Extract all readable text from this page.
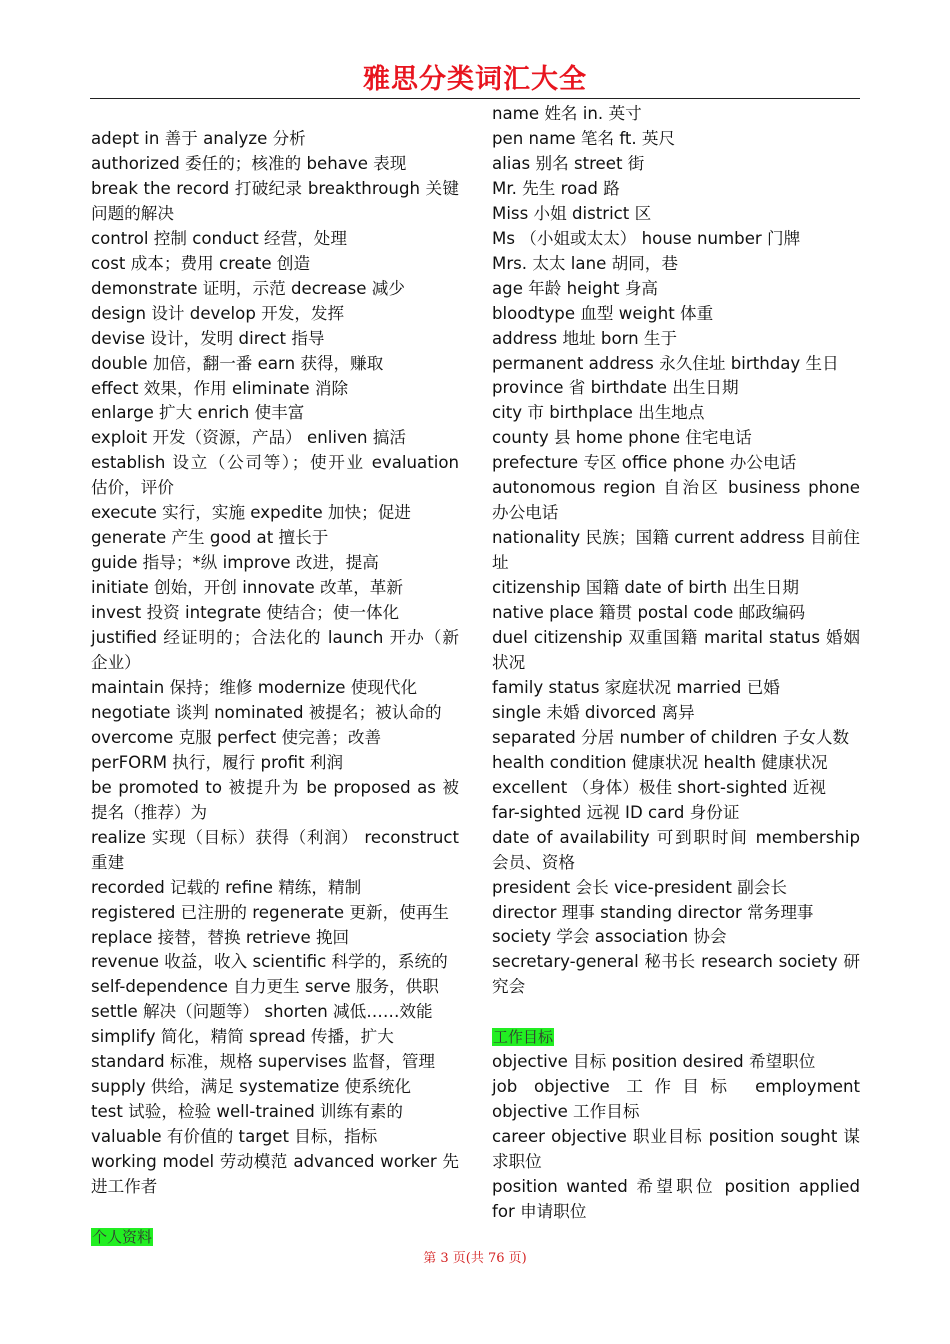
雅思分类词汇大全

adept in 善于 analyze 分析

authorized 委任的；核准的 behave 表现

break the record 打破纪录 breakthrough 关键问题的解决

control 控制 conduct 经营，处理

cost 成本；费用 create 创造

demonstrate 证明，示范 decrease 减少

design 设计 develop 开发，发挥

devise 设计，发明 direct 指导

double 加倍，翻一番 earn 获得，赚取

effect 效果，作用 eliminate 消除

enlarge 扩大 enrich 使丰富

exploit 开发（资源，产品） enliven 搞活

establish 设立（公司等）；使开业 evaluation 估价，评价

execute 实行，实施 expedite 加快；促进

generate 产生 good at 擅长于

guide 指导；*纵 improve 改进，提高

initiate 创始，开创 innovate 改革，革新

invest 投资 integrate 使结合；使一体化

justified 经证明的；合法化的 launch 开办（新企业）

maintain 保持；维修 modernize 使现代化

negotiate 谈判 nominated 被提名；被认命的

overcome 克服 perfect 使完善；改善

perFORM 执行，履行 profit 利润

be promoted to 被提升为 be proposed as 被提名（推荐）为

realize 实现（目标）获得（利润） reconstruct 重建

recorded 记载的 refine 精练，精制

registered 已注册的 regenerate 更新，使再生

replace 接替，替换 retrieve 挽回

revenue 收益，收入 scientific 科学的，系统的

self-dependence 自力更生 serve 服务，供职

settle 解决（问题等） shorten 减低……效能

simplify 简化，精简 spread 传播，扩大

standard 标准，规格 supervises 监督，管理

supply 供给，满足 systematize 使系统化

test 试验，检验 well-trained 训练有素的

valuable 有价值的 target 目标，指标

working model 劳动模范 advanced worker 先进工作者

个人资料

name 姓名 in. 英寸

pen name 笔名 ft. 英尺

alias 别名 street 街

Mr. 先生 road 路

Miss 小姐 district 区

Ms （小姐或太太） house number 门牌

Mrs. 太太 lane 胡同，巷

age 年龄 height 身高

bloodtype 血型 weight 体重

address 地址 born 生于

permanent address 永久住址 birthday 生日

province 省 birthdate 出生日期

city 市 birthplace 出生地点

county 县 home phone 住宅电话

prefecture 专区 office phone 办公电话

autonomous region 自治区 business phone 办公电话

nationality 民族；国籍 current address 目前住址

citizenship 国籍 date of birth 出生日期

native place 籍贯 postal code 邮政编码

duel citizenship 双重国籍 marital status 婚姻状况

family status 家庭状况 married 已婚

single 未婚 divorced 离异

separated 分居 number of children 子女人数

health condition 健康状况 health 健康状况

excellent （身体）极佳 short-sighted 近视

far-sighted 远视 ID card 身份证

date of availability 可到职时间 membership 会员、资格

president 会长 vice-president 副会长

director 理事 standing director 常务理事

society 学会 association 协会

secretary-general 秘书长 research society 研究会

工作目标

objective 目标 position desired 希望职位

job objective 工作目标 employment objective 工作目标

career objective 职业目标 position sought 谋求职位

position wanted 希望职位 position applied for 申请职位

第 3 页(共 76 页)
